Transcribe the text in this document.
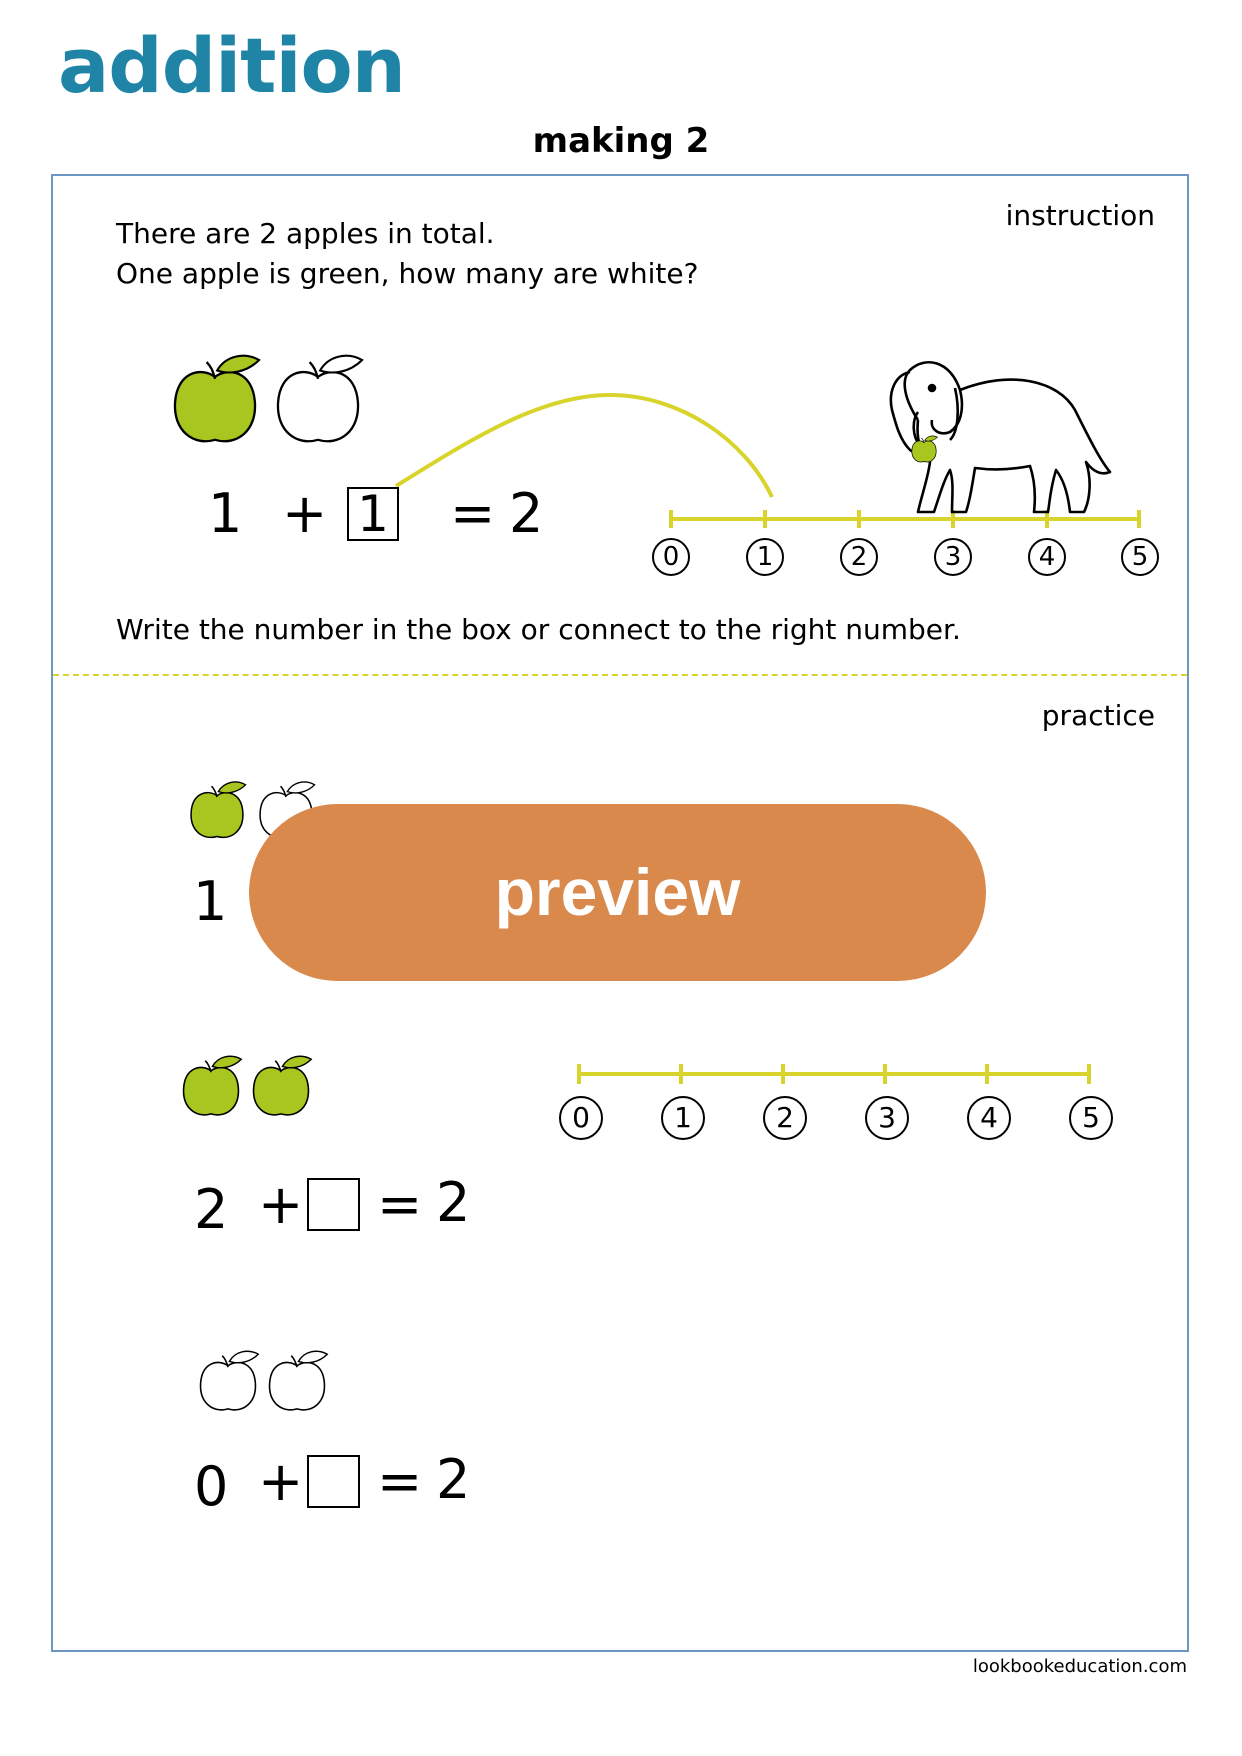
addition
making 2
instruction
There are 2 apples in total.
One apple is green, how many are white?
1 + 1 = 2
0	1	2	3	4	5
Write the number in the box or connect to the right number.
practice
1
0	1	2	3	4	5
2 + = 2
0 + = 2
preview
lookbookeducation.com
